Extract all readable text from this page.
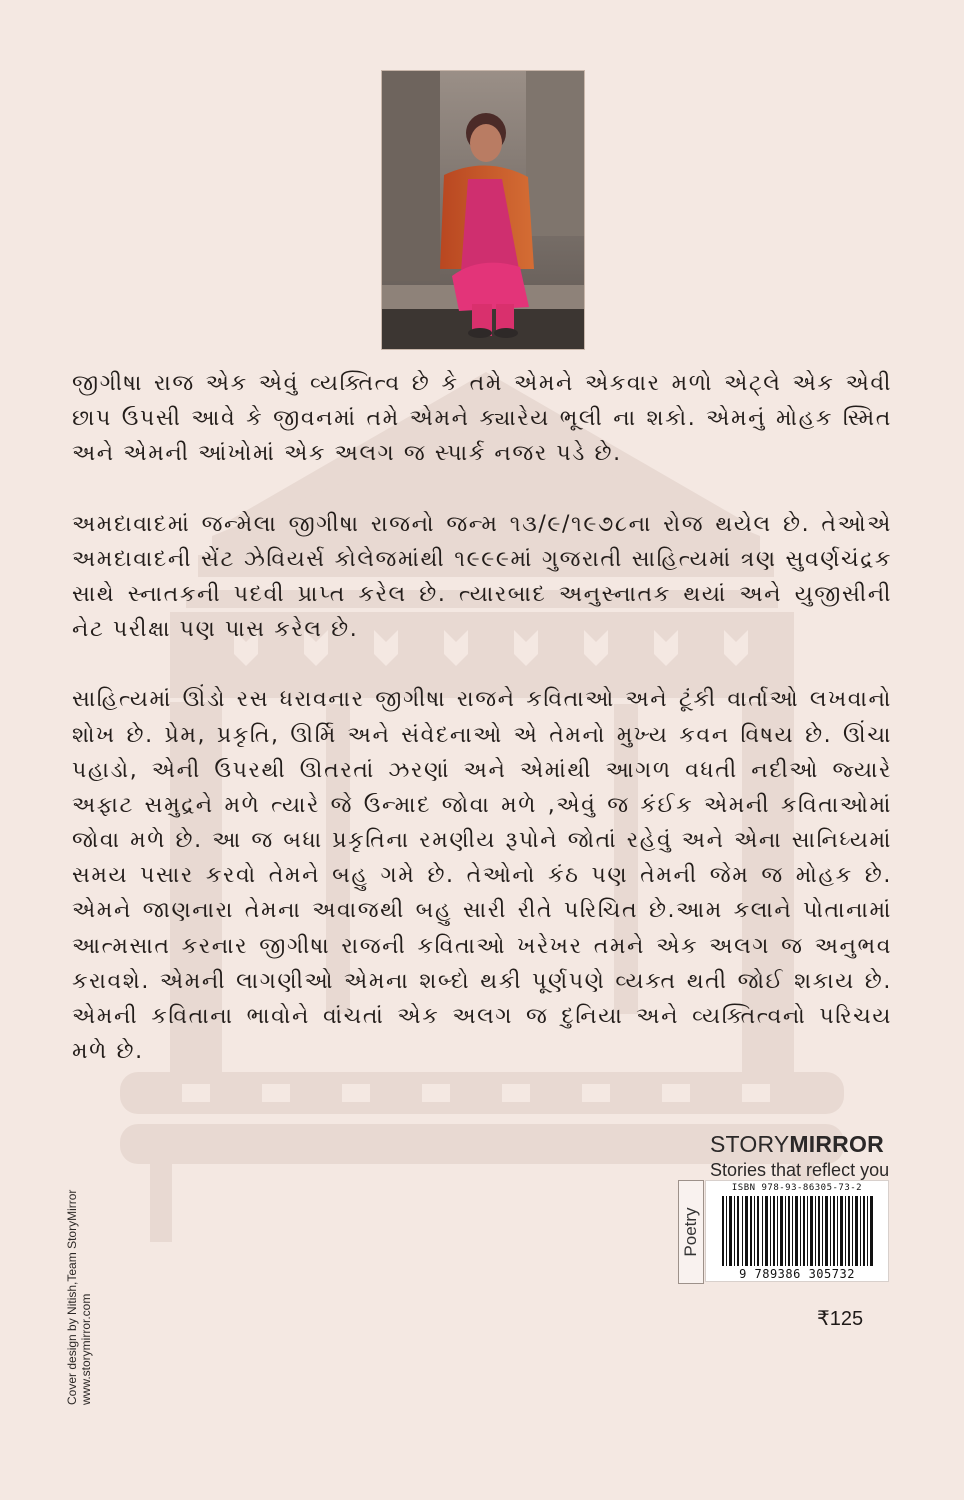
જીગીષા રાજ એક એવું વ્યક્તિત્વ છે કે તમે એમને એકવાર મળો એટ્લે એક એવી છાપ ઉપસી આવે કે જીવનમાં તમે એમને ક્યારેય ભૂલી ના શકો. એમનું મોહક સ્મિત અને એમની આંખોમાં એક અલગ જ સ્પાર્ક નજર પડે છે.

અમદાવાદમાં જન્મેલા જીગીષા રાજનો જન્મ ૧૩/૯/૧૯૭૮ના રોજ થયેલ છે. તેઓએ અમદાવાદની સેંટ ઝેવિયર્સ કોલેજમાંથી ૧૯૯૯માં ગુજરાતી સાહિત્યમાં ત્રણ સુવર્ણચંદ્રક સાથે સ્નાતકની પદવી પ્રાપ્ત કરેલ છે. ત્યારબાદ અનુસ્નાતક થયાં અને યુજીસીની નેટ પરીક્ષા પણ પાસ કરેલ છે.

સાહિત્યમાં ઊંડો રસ ધરાવનાર જીગીષા રાજને કવિતાઓ અને ટૂંકી વાર્તાઓ લખવાનો શોખ છે. પ્રેમ, પ્રકૃતિ, ઊર્મિ અને સંવેદનાઓ એ તેમનો મુખ્ય કવન વિષય છે. ઊંચા પહાડો, એની ઉપરથી ઊતરતાં ઝરણાં અને એમાંથી આગળ વધતી નદીઓ જ્યારે અફાટ સમુદ્રને મળે ત્યારે જે ઉન્માદ જોવા મળે ,એવું જ કંઈક એમની કવિતાઓમાં જોવા મળે છે. આ જ બધા પ્રકૃતિના રમણીય રૂપોને જોતાં રહેવું અને એના સાનિધ્યમાં સમય પસાર કરવો તેમને બહુ ગમે છે. તેઓનો કંઠ પણ તેમની જેમ જ મોહક છે. એમને જાણનારા તેમના અવાજથી બહુ સારી રીતે પરિચિત છે.આમ કલાને પોતાનામાં આત્મસાત કરનાર જીગીષા રાજની કવિતાઓ ખરેખર તમને એક અલગ જ અનુભવ કરાવશે. એમની લાગણીઓ એમના શબ્દો થકી પૂર્ણપણે વ્યક્ત થતી જોઈ શકાય છે. એમની કવિતાના ભાવોને વાંચતાં એક અલગ જ દુનિયા અને વ્યક્તિત્વનો પરિચય મળે છે.

STORYMIRROR
Stories that reflect you
Poetry
ISBN 978-93-86305-73-2
9 789386 305732
₹125
Cover design by Nitish,Team StoryMirror www.storymirror.com
